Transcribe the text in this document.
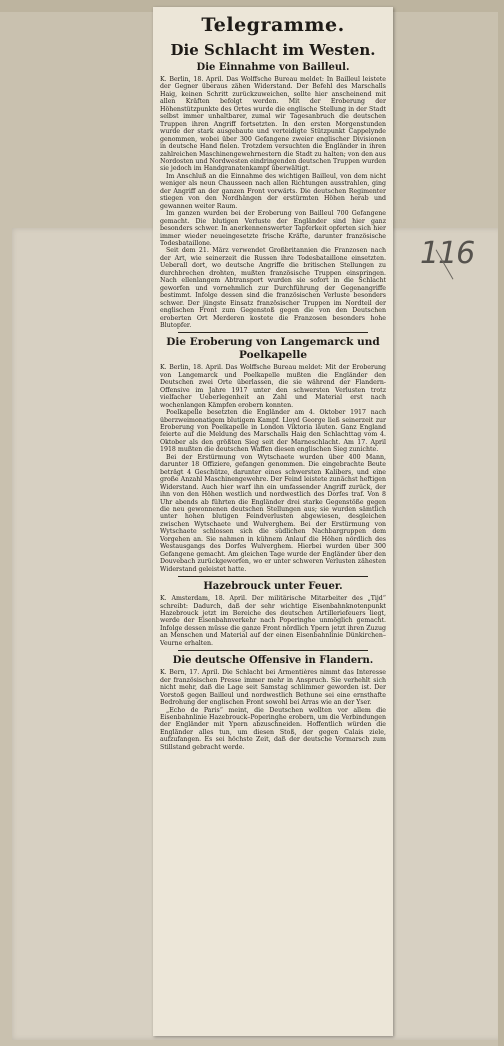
116
Telegramme.
Die Schlacht im Westen.
Die Einnahme von Bailleul.

K. Berlin, 18. April. Das Wolffsche Bureau meldet: In Bailleul leistete der Gegner überaus zähen Widerstand. Der Befehl des Marschalls Haig, keinen Schritt zurückzuweichen, sollte hier anscheinend mit allen Kräften befolgt werden. Mit der Eroberung der Höhenstützpunkte des Ortes wurde die englische Stellung in der Stadt selbst immer unhaltbarer, zumal wir Tagesanbruch die deutschen Truppen ihren Angriff fortsetzten. In den ersten Morgenstunden wurde der stark ausgebaute und verteidigte Stützpunkt Cappelynde genommen, wobei über 300 Gefangene zweier englischer Divisionen in deutsche Hand fielen. Trotzdem versuchten die Engländer in ihren zahlreichen Maschinengewehrnestern die Stadt zu halten; von den aus Nordosten und Nordwesten eindringenden deutschen Truppen wurden sie jedoch im Handgranatenkampf überwältigt.

Im Anschluß an die Einnahme des wichtigen Bailleul, von dem nicht weniger als neun Chausseen nach allen Richtungen ausstrahlen, ging der Angriff an der ganzen Front vorwärts. Die deutschen Regimenter stiegen von den Nordhängen der erstürmten Höhen herab und gewannen weiter Raum.

Im ganzen wurden bei der Eroberung von Bailleul 700 Gefangene gemacht. Die blutigen Verluste der Engländer sind hier ganz besonders schwer. In anerkennenswerter Tapferkeit opferten sich hier immer wieder neueingesetzte frische Kräfte, darunter französische Todesbataillone.

Seit dem 21. März verwendet Großbritannien die Franzosen nach der Art, wie seinerzeit die Russen ihre Todesbataillone einsetzten. Ueberall dort, wo deutsche Angriffe die britischen Stellungen zu durchbrechen drohten, mußten französische Truppen einspringen. Nach ellenlangem Abtransport wurden sie sofort in die Schlacht geworfen und vornehmlich zur Durchführung der Gegenangriffe bestimmt. Infolge dessen sind die französischen Verluste besonders schwer. Der jüngste Einsatz französischer Truppen im Nordteil der englischen Front zum Gegenstoß gegen die von den Deutschen eroberten Ort Merderen kostete die Franzosen besonders hohe Blutopfer.

Die Eroberung von Langemarck und Poelkapelle

K. Berlin, 18. April. Das Wolffsche Bureau meldet: Mit der Eroberung von Langemarck und Poelkapelle mußten die Engländer den Deutschen zwei Orte überlassen, die sie während der Flandern-Offensive im Jahre 1917 unter den schwersten Verlusten trotz vielfacher Ueberlegenheit an Zahl und Material erst nach wochenlangen Kämpfen erobern konnten.

Poelkapelle besetzten die Engländer am 4. Oktober 1917 nach überzweimonatigem blutigem Kampf. Lloyd George ließ seinerzeit zur Eroberung von Poelkapelle in London Viktoria läuten. Ganz England feierte auf die Meldung des Marschalls Haig den Schlachttag vom 4. Oktober als den größten Sieg seit der Marneschlacht. Am 17. April 1918 mußten die deutschen Waffen diesen englischen Sieg zunichte.

Bei der Erstürmung von Wytschaete wurden über 400 Mann, darunter 18 Offiziere, gefangen genommen. Die eingebrachte Beute beträgt 4 Geschütze, darunter eines schwersten Kalibers, und eine große Anzahl Maschinengewehre. Der Feind leistete zunächst heftigen Widerstand. Auch hier warf ihn ein umfassender Angriff zurück, der ihn von den Höhen westlich und nordwestlich des Dorfes traf. Von 8 Uhr abends ab führten die Engländer drei starke Gegenstöße gegen die neu gewonnenen deutschen Stellungen aus; sie wurden sämtlich unter hohen blutigen Feindverlusten abgewiesen, desgleichen zwischen Wytschaete und Wulverghem. Bei der Erstürmung von Wytschaete schlossen sich die südlichen Nachbargruppen dem Vorgehen an. Sie nahmen in kühnem Anlauf die Höhen nördlich des Westausgangs des Dorfes Wulverghem. Hierbei wurden über 300 Gefangene gemacht. Am gleichen Tage wurde der Engländer über den Douvebach zurückgeworfen, wo er unter schweren Verlusten zähesten Widerstand geleistet hatte.

Hazebrouck unter Feuer.

K. Amsterdam, 18. April. Der militärische Mitarbeiter des „Tijd“ schreibt: Dadurch, daß der sehr wichtige Eisenbahnknotenpunkt Hazebrouck jetzt im Bereiche des deutschen Artilleriefeuers liegt, werde der Eisenbahnverkehr nach Poperinghe unmöglich gemacht. Infolge dessen müsse die ganze Front nördlich Ypern jetzt ihren Zuzug an Menschen und Material auf der einen Eisenbahnlinie Dünkirchen–Veurne erhalten.

Die deutsche Offensive in Flandern.

K. Bern, 17. April. Die Schlacht bei Armentières nimmt das Interesse der französischen Presse immer mehr in Anspruch. Sie verhehlt sich nicht mehr, daß die Lage seit Samstag schlimmer geworden ist. Der Vorstoß gegen Bailleul und nordwestlich Bethune sei eine ernsthafte Bedrohung der englischen Front sowohl bei Arras wie an der Yser.

„Echo de Paris“ meint, die Deutschen wollten vor allem die Eisenbahnlinie Hazebrouck–Poperinghe erobern, um die Verbindungen der Engländer mit Ypern abzuschneiden. Hoffentlich würden die Engländer alles tun, um diesen Stoß, der gegen Calais ziele, aufzufangen. Es sei höchste Zeit, daß der deutsche Vormarsch zum Stillstand gebracht werde.
